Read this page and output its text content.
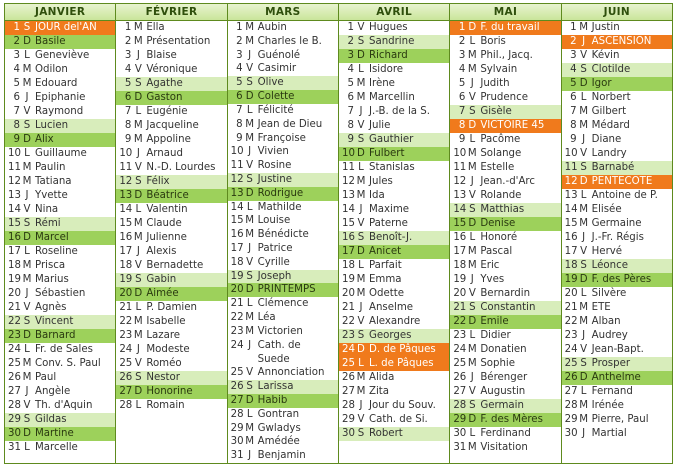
JANVIER
1 S JOUR del'AN
2 D Basile
3 L Geneviève
4 M Odilon
5 M Edouard
6 J Epiphanie
7 V Raymond
8 S Lucien
9 D Alix
10 L Guillaume
11 M Paulin
12 M Tatiana
13 J Yvette
14 V Nina
15 S Rémi
16 D Marcel
17 L Roseline
18 M Prisca
19 M Marius
20 J Sébastien
21 V Agnès
22 S Vincent
23 D Barnard
24 L Fr. de Sales
25 M Conv. S. Paul
26 M Paul
27 J Angèle
28 V Th. d'Aquin
29 S Gildas
30 D Martine
31 L Marcelle
FÉVRIER
1 M Ella
2 M Présentation
3 J Blaise
4 V Véronique
5 S Agathe
6 D Gaston
7 L Eugénie
8 M Jacqueline
9 M Appoline
10 J Arnaud
11 V N.-D. Lourdes
12 S Félix
13 D Béatrice
14 L Valentin
15 M Claude
16 M Julienne
17 J Alexis
18 V Bernadette
19 S Gabin
20 D Aimée
21 L P. Damien
22 M Isabelle
23 M Lazare
24 J Modeste
25 V Roméo
26 S Nestor
27 D Honorine
28 L Romain
MARS
1 M Aubin
2 M Charles le B.
3 J Guénolé
4 V Casimir
5 S Olive
6 D Colette
7 L Félicité
8 M Jean de Dieu
9 M Françoise
10 J Vivien
11 V Rosine
12 S Justine
13 D Rodrigue
14 L Mathilde
15 M Louise
16 M Bénédicte
17 J Patrice
18 V Cyrille
19 S Joseph
20 D PRINTEMPS
21 L Clémence
22 M Léa
23 M Victorien
24 J Cath. de
Suede
25 V Annonciation
26 S Larissa
27 D Habib
28 L Gontran
29 M Gwladys
30 M Amédée
31 J Benjamin
AVRIL
1 V Hugues
2 S Sandrine
3 D Richard
4 L Isidore
5 M Irène
6 M Marcellin
7 J J.-B. de la S.
8 V Julie
9 S Gauthier
10 D Fulbert
11 L Stanislas
12 M Jules
13 M Ida
14 J Maxime
15 V Paterne
16 S Benoît-J.
17 D Anicet
18 L Parfait
19 M Emma
20 M Odette
21 J Anselme
22 V Alexandre
23 S Georges
24 D D. de Pâques
25 L L. de Pâques
26 M Alida
27 M Zita
28 J Jour du Souv.
29 V Cath. de Si.
30 S Robert
MAI
1 D F. du travail
2 L Boris
3 M Phil., Jacq.
4 M Sylvain
5 J Judith
6 V Prudence
7 S Gisèle
8 D VICTOIRE 45
9 L Pacôme
10 M Solange
11 M Estelle
12 J Jean.-d'Arc
13 V Rolande
14 S Matthias
15 D Denise
16 L Honoré
17 M Pascal
18 M Eric
19 J Yves
20 V Bernardin
21 S Constantin
22 D Emile
23 L Didier
24 M Donatien
25 M Sophie
26 J Bérenger
27 V Augustin
28 S Germain
29 D F. des Mères
30 L Ferdinand
31 M Visitation
JUIN
1 M Justin
2 J ASCENSION
3 V Kévin
4 S Clotilde
5 D Igor
6 L Norbert
7 M Gilbert
8 M Médard
9 J Diane
10 V Landry
11 S Barnabé
12 D PENTECOTE
13 L Antoine de P.
14 M Elisée
15 M Germaine
16 J J.-Fr. Régis
17 V Hervé
18 S Léonce
19 D F. des Pères
20 L Silvère
21 M ETE
22 M Alban
23 J Audrey
24 V Jean-Bapt.
25 S Prosper
26 D Anthelme
27 L Fernand
28 M Irénée
29 M Pierre, Paul
30 J Martial
